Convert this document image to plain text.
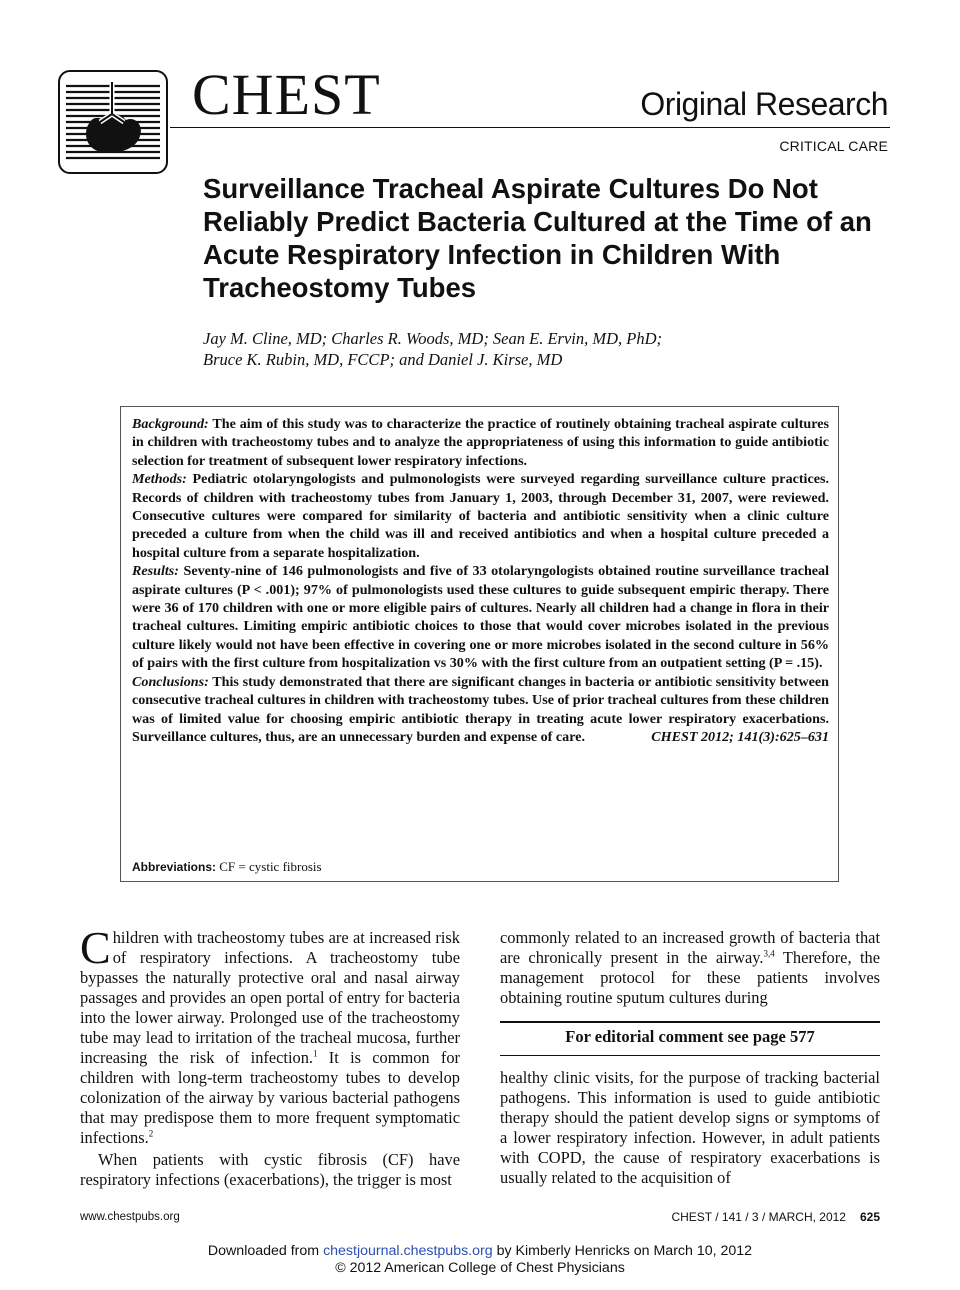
CHEST	Original Research
CRITICAL CARE
Surveillance Tracheal Aspirate Cultures Do Not Reliably Predict Bacteria Cultured at the Time of an Acute Respiratory Infection in Children With Tracheostomy Tubes
Jay M. Cline, MD; Charles R. Woods, MD; Sean E. Ervin, MD, PhD;
Bruce K. Rubin, MD, FCCP; and Daniel J. Kirse, MD

Background: The aim of this study was to characterize the practice of routinely obtaining tracheal aspirate cultures in children with tracheostomy tubes and to analyze the appropriateness of using this information to guide antibiotic selection for treatment of subsequent lower respiratory infections.

Methods: Pediatric otolaryngologists and pulmonologists were surveyed regarding surveillance culture practices. Records of children with tracheostomy tubes from January 1, 2003, through December 31, 2007, were reviewed. Consecutive cultures were compared for similarity of bacteria and antibiotic sensitivity when a clinic culture preceded a culture from when the child was ill and received antibiotics and when a hospital culture preceded a hospital culture from a separate hospitalization.

Results: Seventy-nine of 146 pulmonologists and five of 33 otolaryngologists obtained routine surveillance tracheal aspirate cultures (P < .001); 97% of pulmonologists used these cultures to guide subsequent empiric therapy. There were 36 of 170 children with one or more eligible pairs of cultures. Nearly all children had a change in flora in their tracheal cultures. Limiting empiric antibiotic choices to those that would cover microbes isolated in the previous culture likely would not have been effective in covering one or more microbes isolated in the second culture in 56% of pairs with the first culture from hospitalization vs 30% with the first culture from an outpatient setting (P = .15).

Conclusions: This study demonstrated that there are significant changes in bacteria or antibiotic sensitivity between consecutive tracheal cultures in children with tracheostomy tubes. Use of prior tracheal cultures from these children was of limited value for choosing empiric antibiotic therapy in treating acute lower respiratory exacerbations. Surveillance cultures, thus, are an unnecessary burden and expense of care.	CHEST 2012; 141(3):625–631

Abbreviations: CF = cystic fibrosis

Children with tracheostomy tubes are at increased risk of respiratory infections. A tracheostomy tube bypasses the naturally protective oral and nasal airway passages and provides an open portal of entry for bacteria into the lower airway. Prolonged use of the tracheostomy tube may lead to irritation of the tracheal mucosa, further increasing the risk of infection.$^1$ It is common for children with long-term tracheostomy tubes to develop colonization of the airway by various bacterial pathogens that may predispose them to more frequent symptomatic infections.$^2$

When patients with cystic fibrosis (CF) have respiratory infections (exacerbations), the trigger is most

commonly related to an increased growth of bacteria that are chronically present in the airway.$^{3,4}$ Therefore, the management protocol for these patients involves obtaining routine sputum cultures during

For editorial comment see page 577

healthy clinic visits, for the purpose of tracking bacterial pathogens. This information is used to guide antibiotic therapy should the patient develop signs or symptoms of a lower respiratory infection. However, in adult patients with COPD, the cause of respiratory exacerbations is usually related to the acquisition of

www.chestpubs.org	CHEST / 141 / 3 / MARCH, 2012 625
Downloaded from chestjournal.chestpubs.org by Kimberly Henricks on March 10, 2012
© 2012 American College of Chest Physicians
